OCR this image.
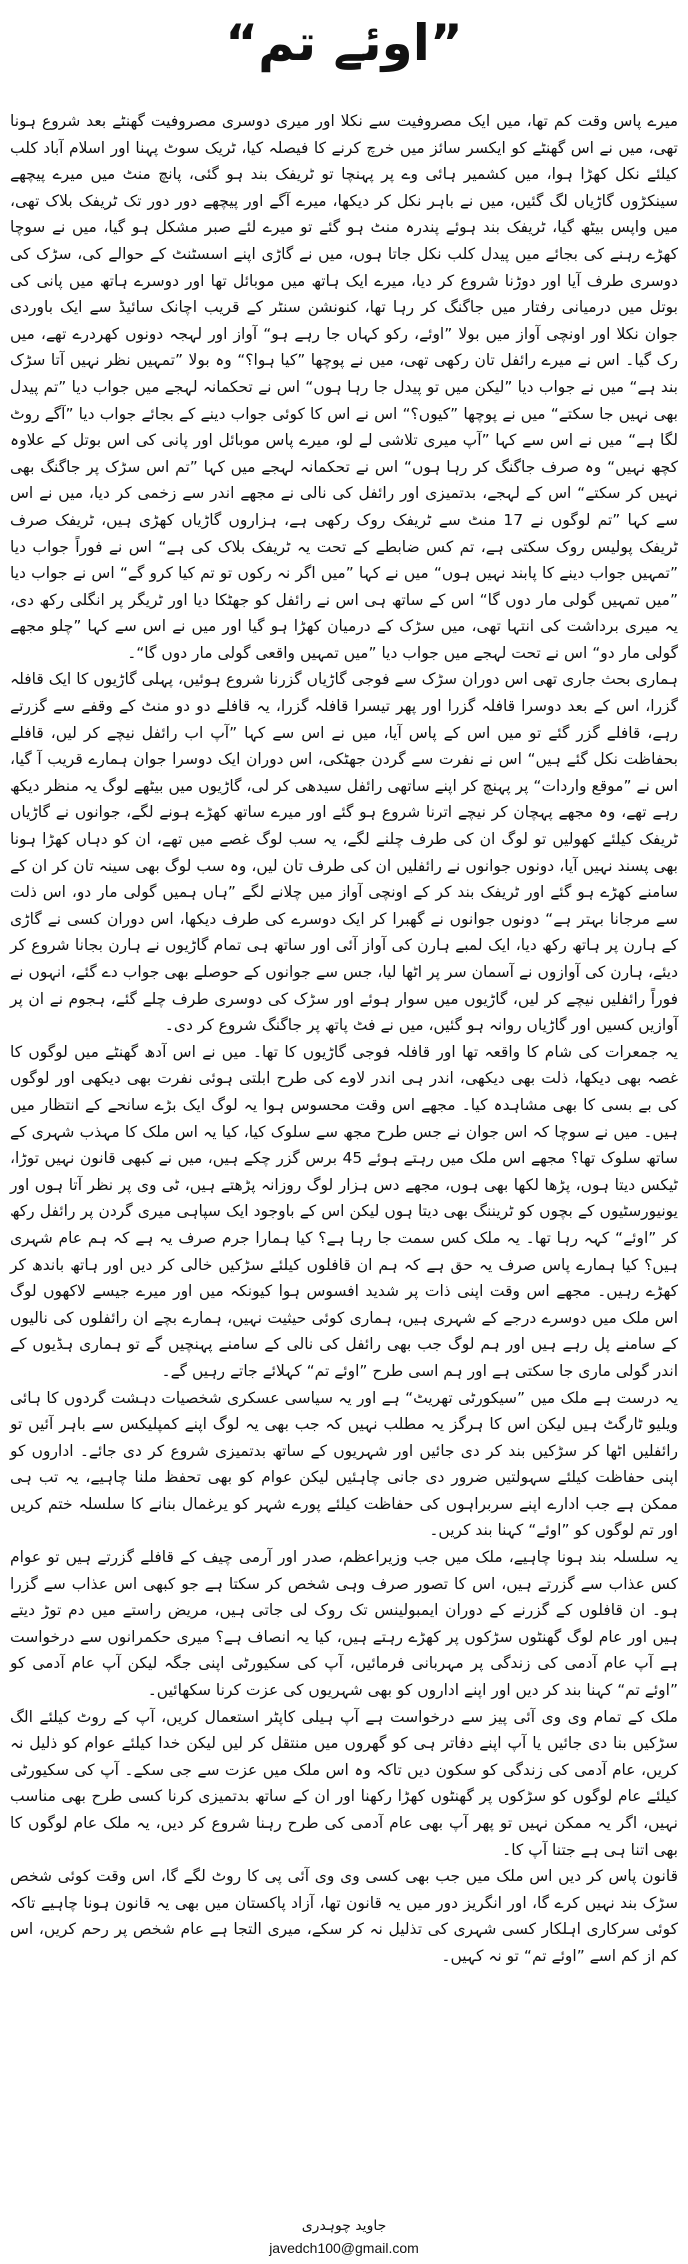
”اوئے تم“

میرے پاس وقت کم تھا، میں ایک مصروفیت سے نکلا اور میری دوسری مصروفیت گھنٹے بعد شروع ہونا تھی، میں نے اس گھنٹے کو ایکسر سائز میں خرچ کرنے کا فیصلہ کیا، ٹریک سوٹ پہنا اور اسلام آباد کلب کیلئے نکل کھڑا ہوا، میں کشمیر ہائی وے پر پہنچا تو ٹریفک بند ہو گئی، پانچ منٹ میں میرے پیچھے سینکڑوں گاڑیاں لگ گئیں، میں نے باہر نکل کر دیکھا، میرے آگے اور پیچھے دور دور تک ٹریفک بلاک تھی، میں واپس بیٹھ گیا، ٹریفک بند ہوئے پندرہ منٹ ہو گئے تو میرے لئے صبر مشکل ہو گیا، میں نے سوچا کھڑے رہنے کی بجائے میں پیدل کلب نکل جاتا ہوں، میں نے گاڑی اپنے اسسٹنٹ کے حوالے کی، سڑک کی دوسری طرف آیا اور دوڑنا شروع کر دیا، میرے ایک ہاتھ میں موبائل تھا اور دوسرے ہاتھ میں پانی کی بوتل میں درمیانی رفتار میں جاگنگ کر رہا تھا، کنونشن سنٹر کے قریب اچانک سائیڈ سے ایک باوردی جوان نکلا اور اونچی آواز میں بولا ”اوئے، رکو کہاں جا رہے ہو“ آواز اور لہجہ دونوں کھردرے تھے، میں رک گیا۔ اس نے میرے رائفل تان رکھی تھی، میں نے پوچھا ”کیا ہوا؟“ وہ بولا ”تمہیں نظر نہیں آتا سڑک بند ہے“ میں نے جواب دیا ”لیکن میں تو پیدل جا رہا ہوں“ اس نے تحکمانہ لہجے میں جواب دیا ”تم پیدل بھی نہیں جا سکتے“ میں نے پوچھا ”کیوں؟“ اس نے اس کا کوئی جواب دینے کے بجائے جواب دیا ”آگے روٹ لگا ہے“ میں نے اس سے کہا ”آپ میری تلاشی لے لو، میرے پاس موبائل اور پانی کی اس بوتل کے علاوہ کچھ نہیں“ وہ صرف جاگنگ کر رہا ہوں“ اس نے تحکمانہ لہجے میں کہا ”تم اس سڑک پر جاگنگ بھی نہیں کر سکتے“ اس کے لہجے، بدتمیزی اور رائفل کی نالی نے مجھے اندر سے زخمی کر دیا، میں نے اس سے کہا ”تم لوگوں نے 17 منٹ سے ٹریفک روک رکھی ہے، ہزاروں گاڑیاں کھڑی ہیں، ٹریفک صرف ٹریفک پولیس روک سکتی ہے، تم کس ضابطے کے تحت یہ ٹریفک بلاک کی ہے“ اس نے فوراً جواب دیا ”تمہیں جواب دینے کا پابند نہیں ہوں“ میں نے کہا ”میں اگر نہ رکوں تو تم کیا کرو گے“ اس نے جواب دیا ”میں تمہیں گولی مار دوں گا“ اس کے ساتھ ہی اس نے رائفل کو جھٹکا دیا اور ٹریگر پر انگلی رکھ دی، یہ میری برداشت کی انتہا تھی، میں سڑک کے درمیان کھڑا ہو گیا اور میں نے اس سے کہا ”چلو مجھے گولی مار دو“ اس نے تحت لہجے میں جواب دیا ”میں تمہیں واقعی گولی مار دوں گا“۔

ہماری بحث جاری تھی اس دوران سڑک سے فوجی گاڑیاں گزرنا شروع ہوئیں، پہلی گاڑیوں کا ایک قافلہ گزرا، اس کے بعد دوسرا قافلہ گزرا اور پھر تیسرا قافلہ گزرا، یہ قافلے دو دو منٹ کے وقفے سے گزرتے رہے، قافلے گزر گئے تو میں اس کے پاس آیا، میں نے اس سے کہا ”آپ اب رائفل نیچے کر لیں، قافلے بحفاظت نکل گئے ہیں“ اس نے نفرت سے گردن جھٹکی، اس دوران ایک دوسرا جوان ہمارے قریب آ گیا، اس نے ”موقع واردات“ پر پہنچ کر اپنے ساتھی رائفل سیدھی کر لی، گاڑیوں میں بیٹھے لوگ یہ منظر دیکھ رہے تھے، وہ مجھے پہچان کر نیچے اترنا شروع ہو گئے اور میرے ساتھ کھڑے ہونے لگے، جوانوں نے گاڑیاں ٹریفک کیلئے کھولیں تو لوگ ان کی طرف چلنے لگے، یہ سب لوگ غصے میں تھے، ان کو دہاں کھڑا ہونا بھی پسند نہیں آیا، دونوں جوانوں نے رائفلیں ان کی طرف تان لیں، وہ سب لوگ بھی سینہ تان کر ان کے سامنے کھڑے ہو گئے اور ٹریفک بند کر کے اونچی آواز میں چلانے لگے ”ہاں ہمیں گولی مار دو، اس ذلت سے مرجانا بہتر ہے“ دونوں جوانوں نے گھبرا کر ایک دوسرے کی طرف دیکھا، اس دوران کسی نے گاڑی کے ہارن پر ہاتھ رکھ دیا، ایک لمبے ہارن کی آواز آئی اور ساتھ ہی تمام گاڑیوں نے ہارن بجانا شروع کر دیئے، ہارن کی آوازوں نے آسمان سر پر اٹھا لیا، جس سے جوانوں کے حوصلے بھی جواب دے گئے، انہوں نے فوراً رائفلیں نیچے کر لیں، گاڑیوں میں سوار ہوئے اور سڑک کی دوسری طرف چلے گئے، ہجوم نے ان پر آوازیں کسیں اور گاڑیاں روانہ ہو گئیں، میں نے فٹ پاتھ پر جاگنگ شروع کر دی۔

یہ جمعرات کی شام کا واقعہ تھا اور قافلہ فوجی گاڑیوں کا تھا۔ میں نے اس آدھ گھنٹے میں لوگوں کا غصہ بھی دیکھا، ذلت بھی دیکھی، اندر ہی اندر لاوے کی طرح ابلتی ہوئی نفرت بھی دیکھی اور لوگوں کی بے بسی کا بھی مشاہدہ کیا۔ مجھے اس وقت محسوس ہوا یہ لوگ ایک بڑے سانحے کے انتظار میں ہیں۔ میں نے سوچا کہ اس جوان نے جس طرح مجھ سے سلوک کیا، کیا یہ اس ملک کا مہذب شہری کے ساتھ سلوک تھا؟ مجھے اس ملک میں رہتے ہوئے 45 برس گزر چکے ہیں، میں نے کبھی قانون نہیں توڑا، ٹیکس دیتا ہوں، پڑھا لکھا بھی ہوں، مجھے دس ہزار لوگ روزانہ پڑھتے ہیں، ٹی وی پر نظر آتا ہوں اور یونیورسٹیوں کے بچوں کو ٹریننگ بھی دیتا ہوں لیکن اس کے باوجود ایک سپاہی میری گردن پر رائفل رکھ کر ”اوئے“ کہہ رہا تھا۔ یہ ملک کس سمت جا رہا ہے؟ کیا ہمارا جرم صرف یہ ہے کہ ہم عام شہری ہیں؟ کیا ہمارے پاس صرف یہ حق ہے کہ ہم ان قافلوں کیلئے سڑکیں خالی کر دیں اور ہاتھ باندھ کر کھڑے رہیں۔ مجھے اس وقت اپنی ذات پر شدید افسوس ہوا کیونکہ میں اور میرے جیسے لاکھوں لوگ اس ملک میں دوسرے درجے کے شہری ہیں، ہماری کوئی حیثیت نہیں، ہمارے بچے ان رائفلوں کی نالیوں کے سامنے پل رہے ہیں اور ہم لوگ جب بھی رائفل کی نالی کے سامنے پہنچیں گے تو ہماری ہڈیوں کے اندر گولی ماری جا سکتی ہے اور ہم اسی طرح ”اوئے تم“ کہلائے جاتے رہیں گے۔

یہ درست ہے ملک میں ”سیکورٹی تھریٹ“ ہے اور یہ سیاسی عسکری شخصیات دہشت گردوں کا ہائی ویلیو ٹارگٹ ہیں لیکن اس کا ہرگز یہ مطلب نہیں کہ جب بھی یہ لوگ اپنے کمپلیکس سے باہر آئیں تو رائفلیں اٹھا کر سڑکیں بند کر دی جائیں اور شہریوں کے ساتھ بدتمیزی شروع کر دی جائے۔ اداروں کو اپنی حفاظت کیلئے سہولتیں ضرور دی جانی چاہئیں لیکن عوام کو بھی تحفظ ملنا چاہیے، یہ تب ہی ممکن ہے جب ادارے اپنے سربراہوں کی حفاظت کیلئے پورے شہر کو یرغمال بنانے کا سلسلہ ختم کریں اور تم لوگوں کو ”اوئے“ کہنا بند کریں۔

یہ سلسلہ بند ہونا چاہیے، ملک میں جب وزیراعظم، صدر اور آرمی چیف کے قافلے گزرتے ہیں تو عوام کس عذاب سے گزرتے ہیں، اس کا تصور صرف وہی شخص کر سکتا ہے جو کبھی اس عذاب سے گزرا ہو۔ ان قافلوں کے گزرنے کے دوران ایمبولینس تک روک لی جاتی ہیں، مریض راستے میں دم توڑ دیتے ہیں اور عام لوگ گھنٹوں سڑکوں پر کھڑے رہتے ہیں، کیا یہ انصاف ہے؟ میری حکمرانوں سے درخواست ہے آپ عام آدمی کی زندگی پر مہربانی فرمائیں، آپ کی سکیورٹی اپنی جگہ لیکن آپ عام آدمی کو ”اوئے تم“ کہنا بند کر دیں اور اپنے اداروں کو بھی شہریوں کی عزت کرنا سکھائیں۔

ملک کے تمام وی وی آئی پیز سے درخواست ہے آپ ہیلی کاپٹر استعمال کریں، آپ کے روٹ کیلئے الگ سڑکیں بنا دی جائیں یا آپ اپنے دفاتر ہی کو گھروں میں منتقل کر لیں لیکن خدا کیلئے عوام کو ذلیل نہ کریں، عام آدمی کی زندگی کو سکون دیں تاکہ وہ اس ملک میں عزت سے جی سکے۔ آپ کی سکیورٹی کیلئے عام لوگوں کو سڑکوں پر گھنٹوں کھڑا رکھنا اور ان کے ساتھ بدتمیزی کرنا کسی طرح بھی مناسب نہیں، اگر یہ ممکن نہیں تو پھر آپ بھی عام آدمی کی طرح رہنا شروع کر دیں، یہ ملک عام لوگوں کا بھی اتنا ہی ہے جتنا آپ کا۔

قانون پاس کر دیں اس ملک میں جب بھی کسی وی وی آئی پی کا روٹ لگے گا، اس وقت کوئی شخص سڑک بند نہیں کرے گا، اور انگریز دور میں یہ قانون تھا، آزاد پاکستان میں بھی یہ قانون ہونا چاہیے تاکہ کوئی سرکاری اہلکار کسی شہری کی تذلیل نہ کر سکے، میری التجا ہے عام شخص پر رحم کریں، اس کم از کم اسے ”اوئے تم“ تو نہ کہیں۔

جاوید چوہدری
javedch100@gmail.com
